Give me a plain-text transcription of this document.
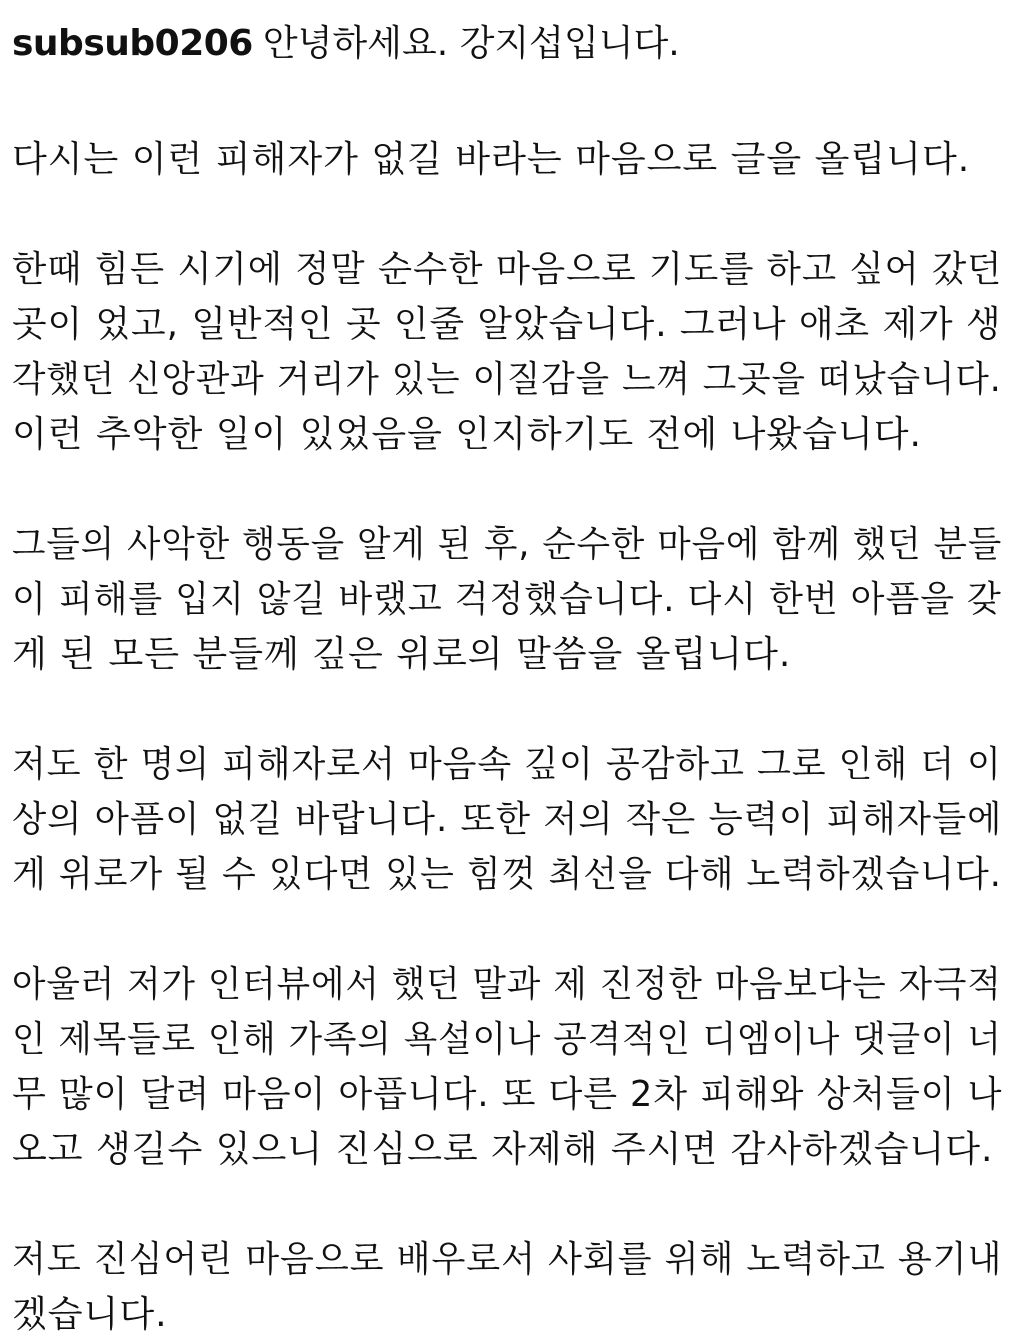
subsub0206 안녕하세요. 강지섭입니다.
다시는 이런 피해자가 없길 바라는 마음으로 글을 올립니다.
한때 힘든 시기에 정말 순수한 마음으로 기도를 하고 싶어 갔던
곳이 었고, 일반적인 곳 인줄 알았습니다. 그러나 애초 제가 생
각했던 신앙관과 거리가 있는 이질감을 느껴 그곳을 떠났습니다.
이런 추악한 일이 있었음을 인지하기도 전에 나왔습니다.
그들의 사악한 행동을 알게 된 후, 순수한 마음에 함께 했던 분들
이 피해를 입지 않길 바랬고 걱정했습니다. 다시 한번 아픔을 갖
게 된 모든 분들께 깊은 위로의 말씀을 올립니다.
저도 한 명의 피해자로서 마음속 깊이 공감하고 그로 인해 더 이
상의 아픔이 없길 바랍니다. 또한 저의 작은 능력이 피해자들에
게 위로가 될 수 있다면 있는 힘껏 최선을 다해 노력하겠습니다.
아울러 저가 인터뷰에서 했던 말과 제 진정한 마음보다는 자극적
인 제목들로 인해 가족의 욕설이나 공격적인 디엠이나 댓글이 너
무 많이 달려 마음이 아픕니다. 또 다른 2차 피해와 상처들이 나
오고 생길수 있으니 진심으로 자제해 주시면 감사하겠습니다.
저도 진심어린 마음으로 배우로서 사회를 위해 노력하고 용기내
겠습니다.
